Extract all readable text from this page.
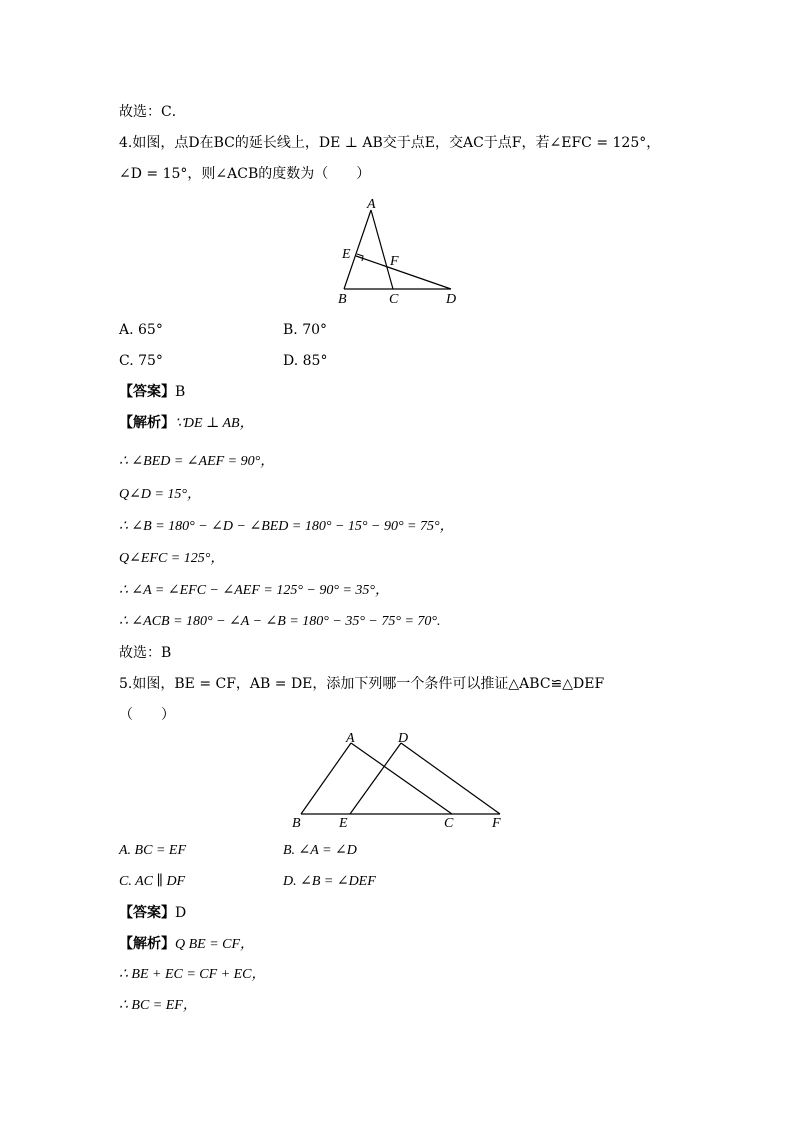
故选：C．
4.如图，点D在BC的延长线上，DE ⊥ AB交于点E，交AC于点F，若∠EFC = 125°，
∠D = 15°，则∠ACB的度数为（　　）
A
E	F
B	C	D
A. 65°	B. 70°
C. 75°	D. 85°
【答案】B
【解析】∵DE ⊥ AB，
∴ ∠BED = ∠AEF = 90°，
Q∠D = 15°，
∴ ∠B = 180° − ∠D − ∠BED = 180° − 15° − 90° = 75°，
Q∠EFC = 125°，
∴ ∠A = ∠EFC − ∠AEF = 125° − 90° = 35°，
∴ ∠ACB = 180° − ∠A − ∠B = 180° − 35° − 75° = 70°.
故选：B
5.如图，BE = CF，AB = DE，添加下列哪一个条件可以推证△ABC≌△DEF
（　　）
A	D
B	E	C	F
A. BC = EF	B. ∠A = ∠D
C. AC ∥ DF	D. ∠B = ∠DEF
【答案】D
【解析】Q BE = CF，
∴ BE + EC = CF + EC，
∴ BC = EF，
